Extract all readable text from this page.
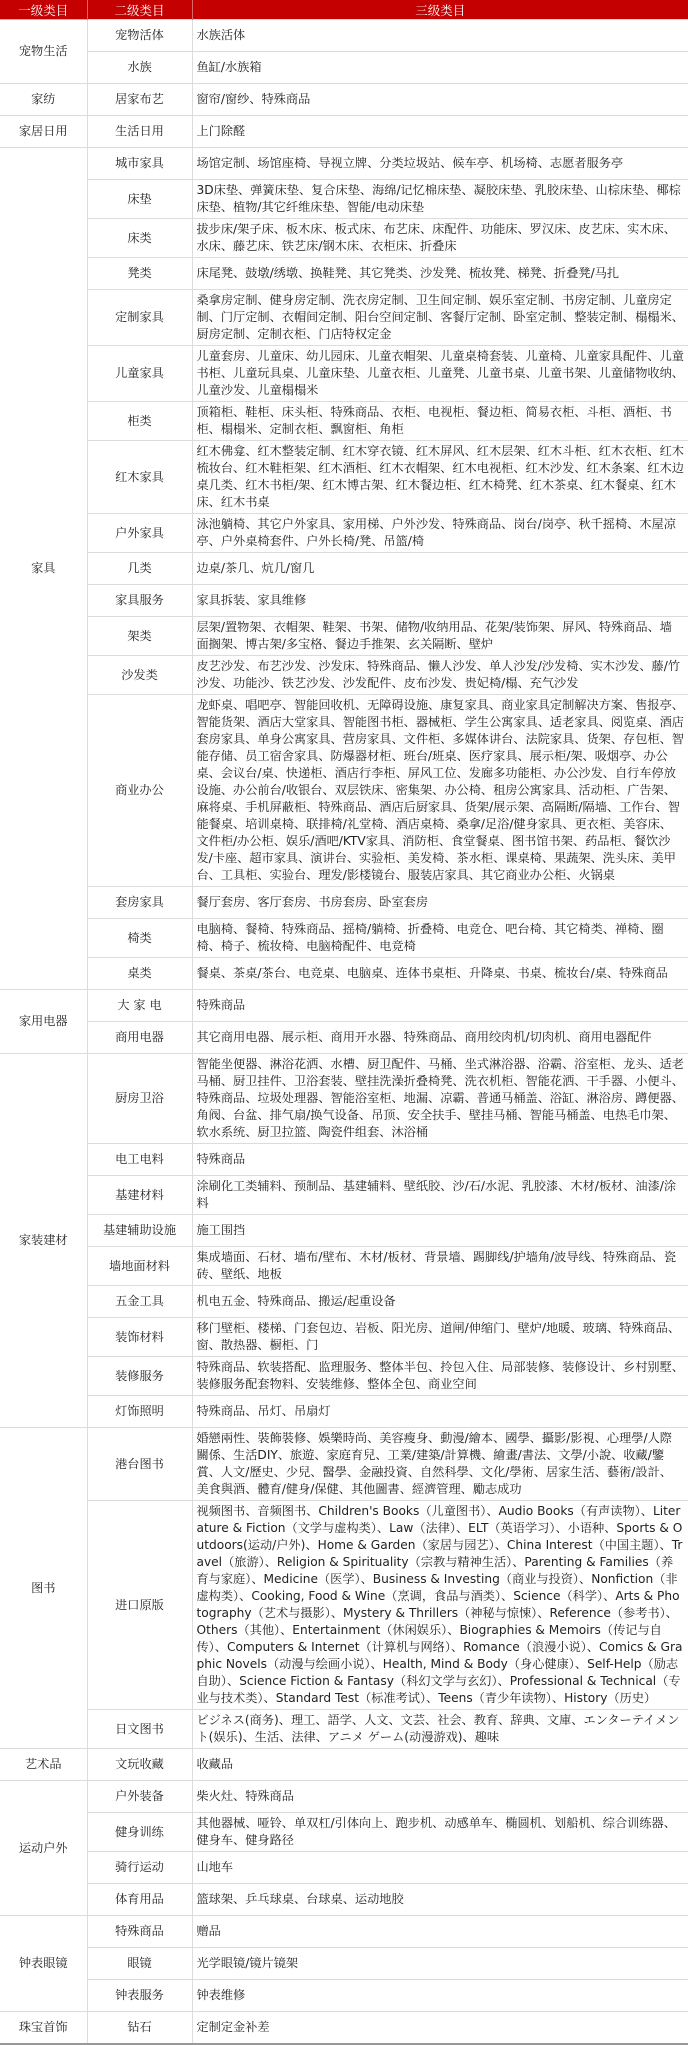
一级类目	二级类目	三级类目
宠物生活	宠物活体	水族活体
	水族	鱼缸/水族箱
家纺	居家布艺	窗帘/窗纱、特殊商品
家居日用	生活日用	上门除醛
家具	城市家具	场馆定制、场馆座椅、导视立牌、分类垃圾站、候车亭、机场椅、志愿者服务亭
	床垫	3D床垫、弹簧床垫、复合床垫、海绵/记忆棉床垫、凝胶床垫、乳胶床垫、山棕床垫、椰棕床垫、植物/其它纤维床垫、智能/电动床垫
	床类	拔步床/架子床、板木床、板式床、布艺床、床配件、功能床、罗汉床、皮艺床、实木床、水床、藤艺床、铁艺床/钢木床、衣柜床、折叠床
	凳类	床尾凳、鼓墩/绣墩、换鞋凳、其它凳类、沙发凳、梳妆凳、梯凳、折叠凳/马扎
	定制家具	桑拿房定制、健身房定制、洗衣房定制、卫生间定制、娱乐室定制、书房定制、儿童房定制、门厅定制、衣帽间定制、阳台空间定制、客餐厅定制、卧室定制、整装定制、榻榻米、厨房定制、定制衣柜、门店特权定金
	儿童家具	儿童套房、儿童床、幼儿园床、儿童衣帽架、儿童桌椅套装、儿童椅、儿童家具配件、儿童书柜、儿童玩具桌、儿童床垫、儿童衣柜、儿童凳、儿童书桌、儿童书架、儿童储物收纳、儿童沙发、儿童榻榻米
	柜类	顶箱柜、鞋柜、床头柜、特殊商品、衣柜、电视柜、餐边柜、简易衣柜、斗柜、酒柜、书柜、榻榻米、定制衣柜、飘窗柜、角柜
	红木家具	红木佛龛、红木整装定制、红木穿衣镜、红木屏风、红木层架、红木斗柜、红木衣柜、红木梳妆台、红木鞋柜架、红木酒柜、红木衣帽架、红木电视柜、红木沙发、红木条案、红木边桌几类、红木书柜/架、红木博古架、红木餐边柜、红木椅凳、红木茶桌、红木餐桌、红木床、红木书桌
	户外家具	泳池躺椅、其它户外家具、家用梯、户外沙发、特殊商品、岗台/岗亭、秋千摇椅、木屋凉亭、户外桌椅套件、户外长椅/凳、吊篮/椅
	几类	边桌/茶几、炕几/窗几
	家具服务	家具拆装、家具维修
	架类	层架/置物架、衣帽架、鞋架、书架、储物/收纳用品、花架/装饰架、屏风、特殊商品、墙面搁架、博古架/多宝格、餐边手推架、玄关隔断、壁炉
	沙发类	皮艺沙发、布艺沙发、沙发床、特殊商品、懒人沙发、单人沙发/沙发椅、实木沙发、藤/竹沙发、功能沙、铁艺沙发、沙发配件、皮布沙发、贵妃椅/榻、充气沙发
	商业办公	龙虾桌、唱吧亭、智能回收机、无障碍设施、康复家具、商业家具定制解决方案、售报亭、智能货架、酒店大堂家具、智能图书柜、器械柜、学生公寓家具、适老家具、阅览桌、酒店套房家具、单身公寓家具、营房家具、文件柜、多媒体讲台、法院家具、货架、存包柜、智能存储、员工宿舍家具、防爆器材柜、班台/班桌、医疗家具、展示柜/架、吸烟亭、办公桌、会议台/桌、快递柜、酒店行李柜、屏风工位、发廊多功能柜、办公沙发、自行车停放设施、办公前台/收银台、双层铁床、密集架、办公椅、租房公寓家具、活动柜、广告架、麻将桌、手机屏蔽柜、特殊商品、酒店后厨家具、货架/展示架、高隔断/隔墙、工作台、智能餐桌、培训桌椅、联排椅/礼堂椅、酒店桌椅、桑拿/足浴/健身家具、更衣柜、美容床、文件柜/办公柜、娱乐/酒吧/KTV家具、消防柜、食堂餐桌、图书馆书架、药品柜、餐饮沙发/卡座、超市家具、演讲台、实验柜、美发椅、茶水柜、课桌椅、果蔬架、洗头床、美甲台、工具柜、实验台、理发/影楼镜台、服装店家具、其它商业办公柜、火锅桌
	套房家具	餐厅套房、客厅套房、书房套房、卧室套房
	椅类	电脑椅、餐椅、特殊商品、摇椅/躺椅、折叠椅、电竞仓、吧台椅、其它椅类、禅椅、圈椅、椅子、梳妆椅、电脑椅配件、电竞椅
	桌类	餐桌、茶桌/茶台、电竞桌、电脑桌、连体书桌柜、升降桌、书桌、梳妆台/桌、特殊商品
家用电器	大 家 电	特殊商品
	商用电器	其它商用电器、展示柜、商用开水器、特殊商品、商用绞肉机/切肉机、商用电器配件
家装建材	厨房卫浴	智能坐便器、淋浴花洒、水槽、厨卫配件、马桶、坐式淋浴器、浴霸、浴室柜、龙头、适老马桶、厨卫挂件、卫浴套装、壁挂洗澡折叠椅凳、洗衣机柜、智能花洒、干手器、小便斗、特殊商品、垃圾处理器、智能浴室柜、地漏、凉霸、普通马桶盖、浴缸、淋浴房、蹲便器、角阀、台盆、排气扇/换气设备、吊顶、安全扶手、壁挂马桶、智能马桶盖、电热毛巾架、软水系统、厨卫拉篮、陶瓷件组套、沐浴桶
	电工电料	特殊商品
	基建材料	涂刷化工类辅料、预制品、基建辅料、壁纸胶、沙/石/水泥、乳胶漆、木材/板材、油漆/涂料
	基建辅助设施	施工围挡
	墙地面材料	集成墙面、石材、墙布/壁布、木材/板材、背景墙、踢脚线/护墙角/波导线、特殊商品、瓷砖、壁纸、地板
	五金工具	机电五金、特殊商品、搬运/起重设备
	装饰材料	移门壁柜、楼梯、门套包边、岩板、阳光房、道闸/伸缩门、壁炉/地暖、玻璃、特殊商品、窗、散热器、橱柜、门
	装修服务	特殊商品、软装搭配、监理服务、整体半包、拎包入住、局部装修、装修设计、乡村别墅、装修服务配套物料、安装维修、整体全包、商业空间
	灯饰照明	特殊商品、吊灯、吊扇灯
图书	港台图书	婚戀兩性、裝飾裝修、娛樂時尚、美容瘦身、動漫/繪本、國學、攝影/影視、心理學/人際關係、生活DIY、旅遊、家庭育兒、工業/建築/計算機、繪畫/書法、文學/小說、收藏/鑒賞、人文/歷史、少兒、醫學、金融投資、自然科學、文化/學術、居家生活、藝術/設計、美食與酒、體育/健身/保健、其他圖書、經濟管理、勵志成功
	进口原版	视频图书、音频图书、Children's Books（儿童图书）、Audio Books（有声读物）、Literature & Fiction（文学与虚构类）、Law（法律）、ELT（英语学习）、小语种、Sports & Outdoors(运动/户外)、Home & Garden（家居与园艺）、China Interest（中国主题）、Travel（旅游）、Religion & Spirituality（宗教与精神生活）、Parenting & Families（养育与家庭）、Medicine（医学）、Business & Investing（商业与投资）、Nonfiction（非虚构类）、Cooking, Food & Wine（烹调，食品与酒类）、Science（科学）、Arts & Photography（艺术与摄影）、Mystery & Thrillers（神秘与惊悚）、Reference（参考书）、Others（其他）、Entertainment（休闲娱乐）、Biographies & Memoirs（传记与自传）、Computers & Internet（计算机与网络）、Romance（浪漫小说）、Comics & Graphic Novels（动漫与绘画小说）、Health, Mind & Body（身心健康）、Self-Help（励志自助）、Science Fiction & Fantasy（科幻文学与玄幻）、Professional & Technical（专业与技术类）、Standard Test（标准考试）、Teens（青少年读物）、History（历史）
	日文图书	ビジネス(商务)、理工、語学、人文、文芸、社会、教育、辞典、文庫、エンターテイメント(娱乐)、生活、法律、アニメ ゲーム(动漫游戏)、趣味
艺术品	文玩收藏	收藏品
运动户外	户外装备	柴火灶、特殊商品
	健身训练	其他器械、哑铃、单双杠/引体向上、跑步机、动感单车、椭圆机、划船机、综合训练器、健身车、健身路径
	骑行运动	山地车
	体育用品	篮球架、乒乓球桌、台球桌、运动地胶
钟表眼镜	特殊商品	赠品
	眼镜	光学眼镜/镜片镜架
	钟表服务	钟表维修
珠宝首饰	钻石	定制定金补差
